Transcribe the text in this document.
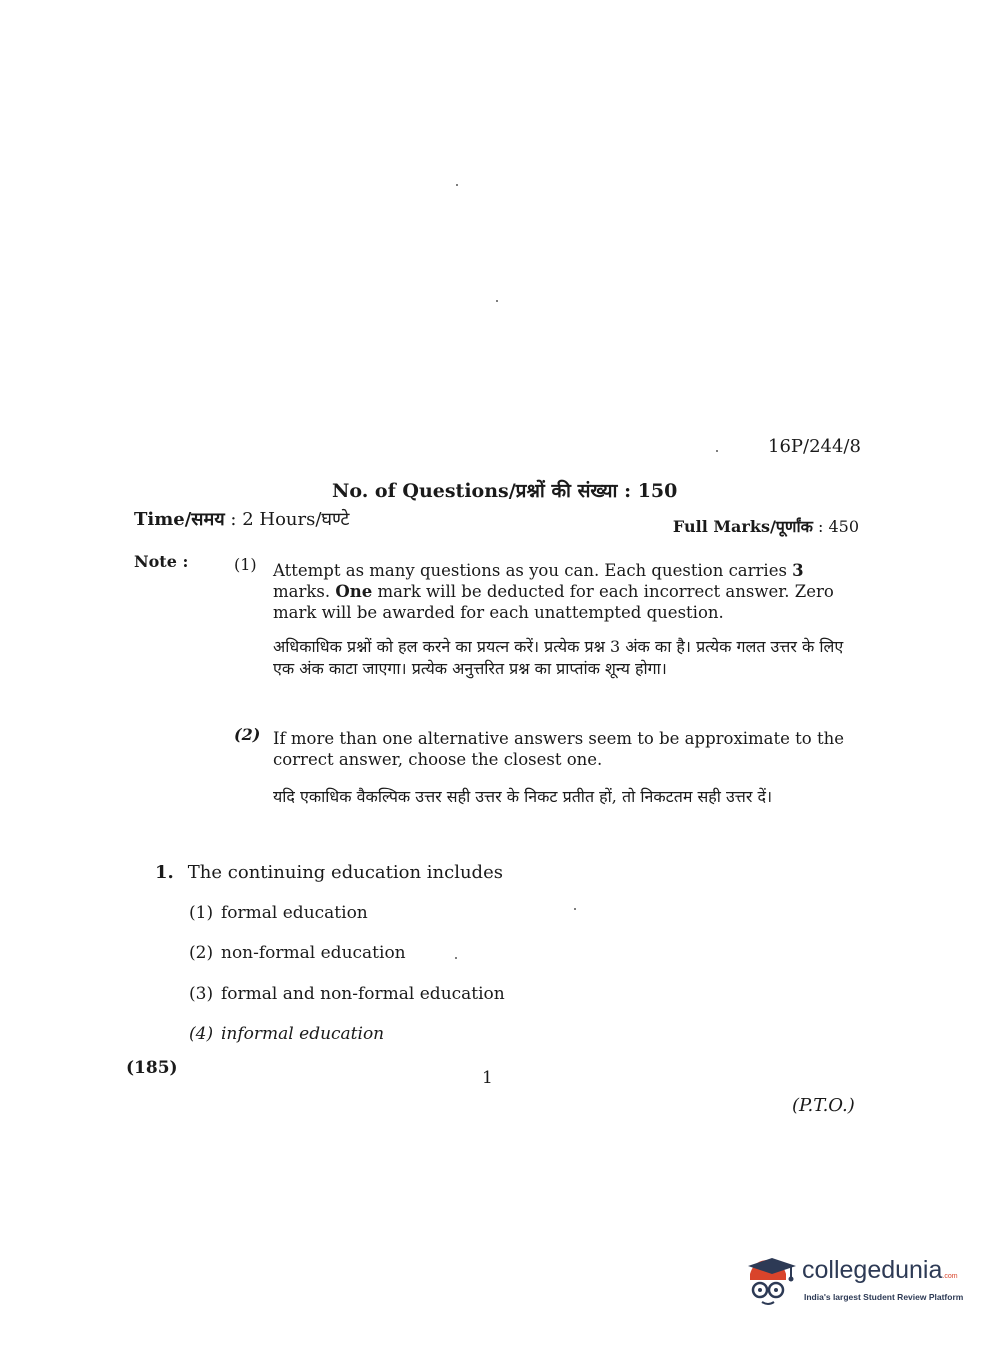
16P/244/8
No. of Questions/प्रश्नों की संख्या : 150
Time/समय : 2 Hours/घण्टे	Full Marks/पूर्णांक : 450
Note :	(1) Attempt as many questions as you can. Each question carries 3 marks. One mark will be deducted for each incorrect answer. Zero mark will be awarded for each unattempted question.
अधिकाधिक प्रश्नों को हल करने का प्रयत्न करें। प्रत्येक प्रश्न 3 अंक का है। प्रत्येक गलत उत्तर के लिए एक अंक काटा जाएगा। प्रत्येक अनुत्तरित प्रश्न का प्राप्तांक शून्य होगा।
(2) If more than one alternative answers seem to be approximate to the correct answer, choose the closest one.
यदि एकाधिक वैकल्पिक उत्तर सही उत्तर के निकट प्रतीत हों, तो निकटतम सही उत्तर दें।
1. The continuing education includes
(1) formal education
(2) non-formal education
(3) formal and non-formal education
(4) informal education
(185)	1
(P.T.O.)
collegedunia.com
India's largest Student Review Platform
